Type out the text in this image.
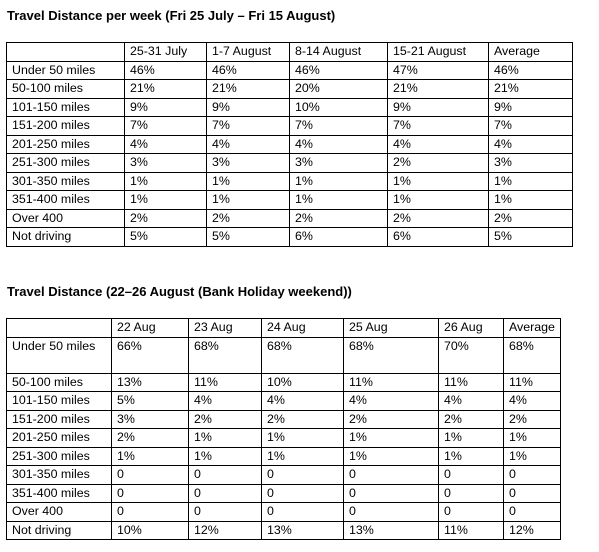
Travel Distance per week (Fri 25 July – Fri 15 August)
	25-31 July	1-7 August	8-14 August	15-21 August	Average
Under 50 miles	46%	46%	46%	47%	46%
50-100 miles	21%	21%	20%	21%	21%
101-150 miles	9%	9%	10%	9%	9%
151-200 miles	7%	7%	7%	7%	7%
201-250 miles	4%	4%	4%	4%	4%
251-300 miles	3%	3%	3%	2%	3%
301-350 miles	1%	1%	1%	1%	1%
351-400 miles	1%	1%	1%	1%	1%
Over 400	2%	2%	2%	2%	2%
Not driving	5%	5%	6%	6%	5%
Travel Distance (22–26 August (Bank Holiday weekend))
	22 Aug	23 Aug	24 Aug	25 Aug	26 Aug	Average
Under 50 miles	66%	68%	68%	68%	70%	68%
50-100 miles	13%	11%	10%	11%	11%	11%
101-150 miles	5%	4%	4%	4%	4%	4%
151-200 miles	3%	2%	2%	2%	2%	2%
201-250 miles	2%	1%	1%	1%	1%	1%
251-300 miles	1%	1%	1%	1%	1%	1%
301-350 miles	0	0	0	0	0	0
351-400 miles	0	0	0	0	0	0
Over 400	0	0	0	0	0	0
Not driving	10%	12%	13%	13%	11%	12%
